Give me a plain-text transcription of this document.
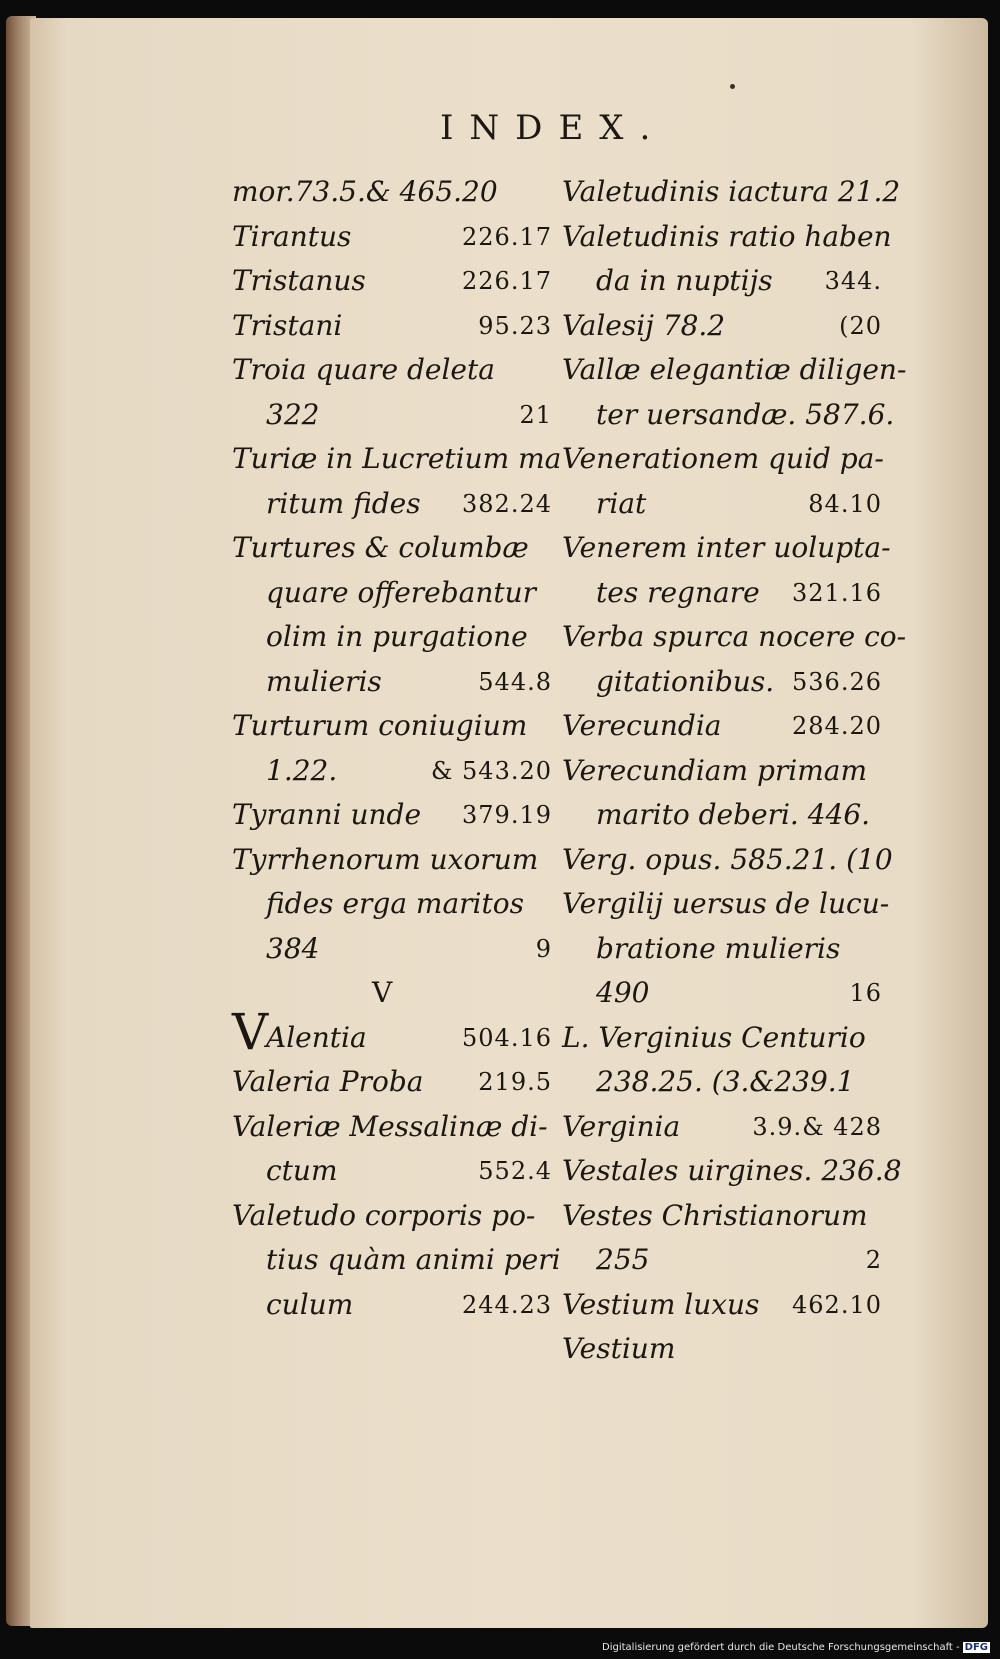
INDEX.
mor.73.5.& 465.20
Tirantus	226.17
Tristanus	226.17
Tristani	95.23
Troia quare deleta
322	21
Turiæ in Lucretium ma
ritum fides 382.24
Turtures & columbæ
quare offerebantur
olim in purgatione
mulieris	544.8
Turturum coniugium
1.22.	& 543.20
Tyranni unde 379.19
Tyrrhenorum uxorum
fides erga maritos
384	9
V
Alentia	504.16
V
Valeria Proba 219.5
Valeriæ Messalinæ di-
ctum	552.4
Valetudo corporis po-
tius quàm animi peri
culum	244.23
Valetudinis iactura 21.2
Valetudinis ratio haben
da in nuptijs 344.
Valesij 78.2	(20
Vallæ elegantiæ diligen-
ter uersandæ. 587.6.
Venerationem quid pa-
riat	84.10
Venerem inter uolupta-
tes regnare 321.16
Verba spurca nocere co-
gitationibus. 536.26
Verecundia	284.20
Verecundiam primam
marito deberi. 446.
Verg. opus. 585.21. (10
Vergilij uersus de lucu-
bratione mulieris
490	16
L. Verginius Centurio
238.25. (3.&239.1
Verginia	3.9.& 428
Vestales uirgines. 236.8
Vestes Christianorum
255	2
Vestium luxus 462.10
Vestium
Digitalisierung gefördert durch die Deutsche Forschungsgemeinschaft - DFG
